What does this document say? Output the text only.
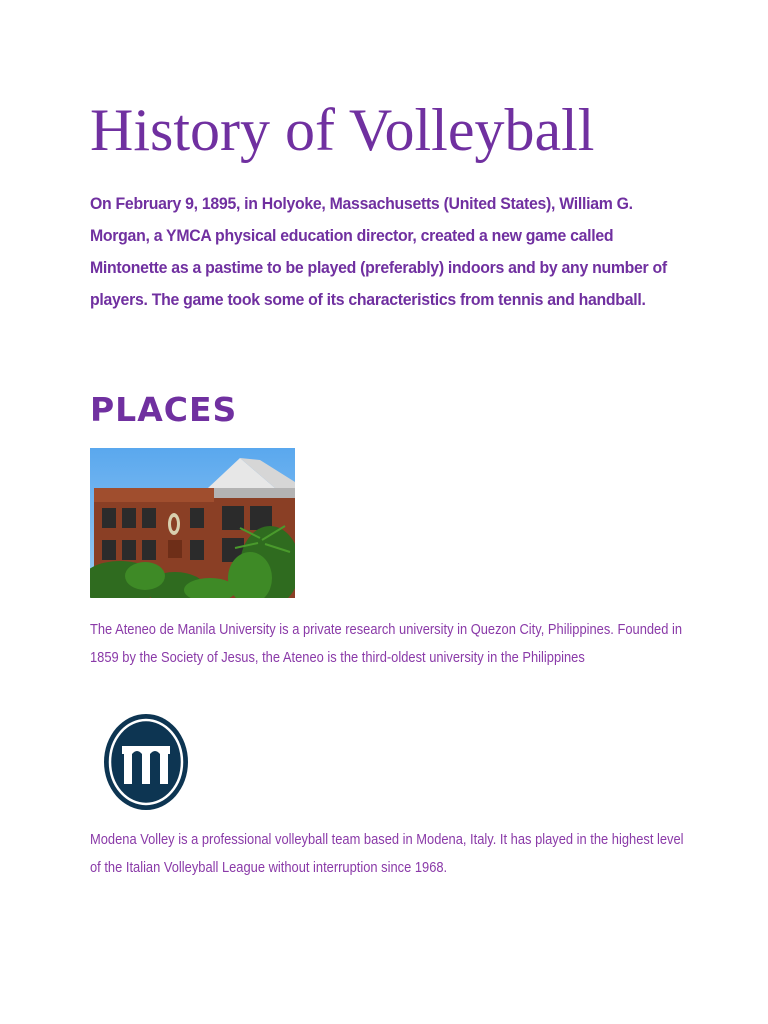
History of Volleyball

On February 9, 1895, in Holyoke, Massachusetts (United States), William G. Morgan, a YMCA physical education director, created a new game called Mintonette as a pastime to be played (preferably) indoors and by any number of players. The game took some of its characteristics from tennis and handball.

PLACES

The Ateneo de Manila University is a private research university in Quezon City, Philippines. Founded in 1859 by the Society of Jesus, the Ateneo is the third-oldest university in the Philippines

Modena Volley is a professional volleyball team based in Modena, Italy. It has played in the highest level of the Italian Volleyball League without interruption since 1968.
